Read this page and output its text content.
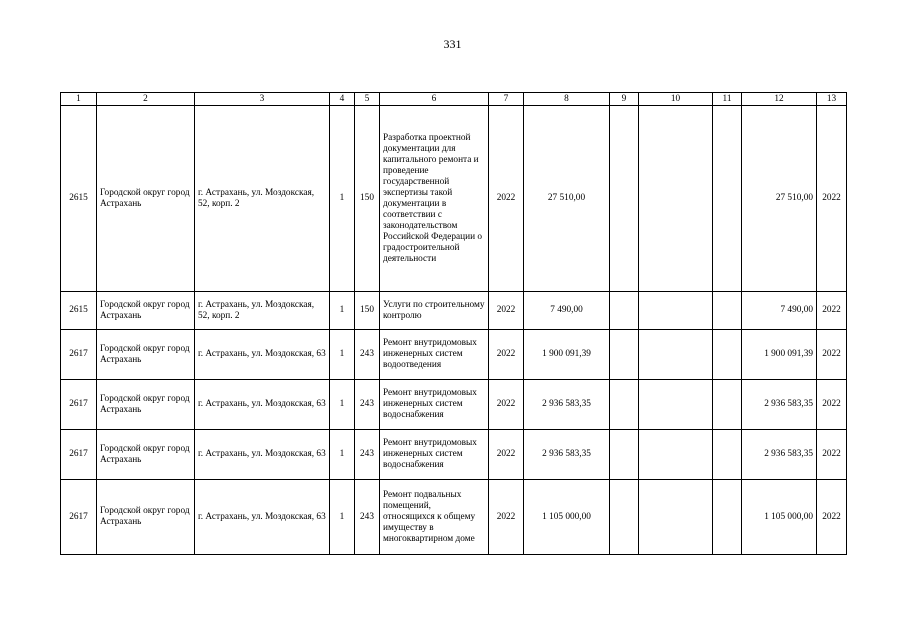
331
1	2	3	4	5	6	7	8	9	10	11	12	13
2615	Городской округ город Астрахань	г. Астрахань, ул. Моздокская, 52, корп. 2	1	150	Разработка проектной документации для капитального ремонта и проведение государственной экспертизы такой документации в соответствии с законодательством Российской Федерации о градостроительной деятельности	2022	27 510,00				27 510,00	2022
2615	Городской округ город Астрахань	г. Астрахань, ул. Моздокская, 52, корп. 2	1	150	Услуги по строительному контролю	2022	7 490,00				7 490,00	2022
2617	Городской округ город Астрахань	г. Астрахань, ул. Моздокская, 63	1	243	Ремонт внутридомовых инженерных систем водоотведения	2022	1 900 091,39				1 900 091,39	2022
2617	Городской округ город Астрахань	г. Астрахань, ул. Моздокская, 63	1	243	Ремонт внутридомовых инженерных систем водоснабжения	2022	2 936 583,35				2 936 583,35	2022
2617	Городской округ город Астрахань	г. Астрахань, ул. Моздокская, 63	1	243	Ремонт внутридомовых инженерных систем водоснабжения	2022	2 936 583,35				2 936 583,35	2022
2617	Городской округ город Астрахань	г. Астрахань, ул. Моздокская, 63	1	243	Ремонт подвальных помещений, относящихся к общему имуществу в многоквартирном доме	2022	1 105 000,00				1 105 000,00	2022
